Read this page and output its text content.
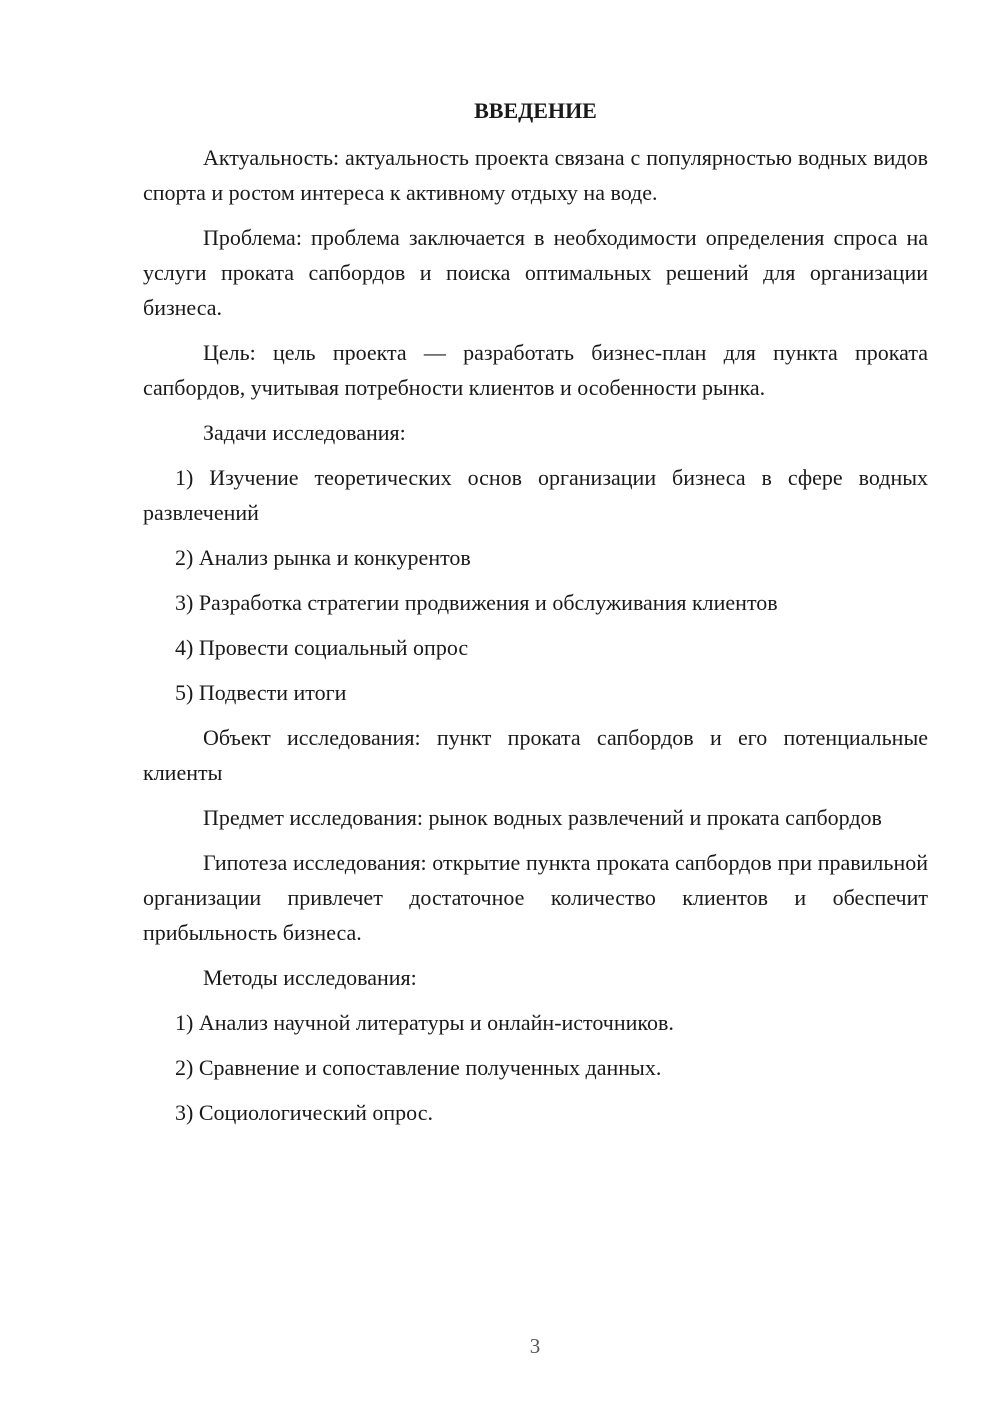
ВВЕДЕНИЕ

Актуальность: актуальность проекта связана с популярностью водных видов спорта и ростом интереса к активному отдыху на воде.

Проблема: проблема заключается в необходимости определения спроса на услуги проката сапбордов и поиска оптимальных решений для организации бизнеса.

Цель: цель проекта — разработать бизнес-план для пункта проката сапбордов, учитывая потребности клиентов и особенности рынка.

Задачи исследования:

1) Изучение теоретических основ организации бизнеса в сфере водных развлечений

2) Анализ рынка и конкурентов

3) Разработка стратегии продвижения и обслуживания клиентов

4) Провести социальный опрос

5) Подвести итоги

Объект исследования: пункт проката сапбордов и его потенциальные клиенты

Предмет исследования: рынок водных развлечений и проката сапбордов

Гипотеза исследования: открытие пункта проката сапбордов при правильной организации привлечет достаточное количество клиентов и обеспечит прибыльность бизнеса.

Методы исследования:

1) Анализ научной литературы и онлайн-источников.

2) Сравнение и сопоставление полученных данных.

3) Социологический опрос.

3
